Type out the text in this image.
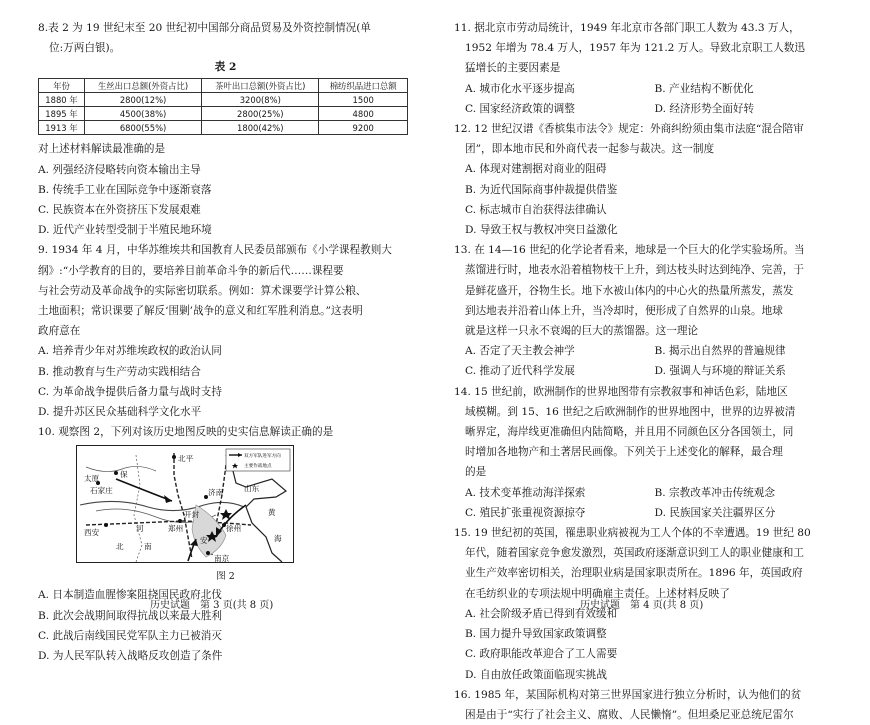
8.表 2 为 19 世纪末至 20 世纪初中国部分商品贸易及外资控制情况(单
位:万两白银)。
表 2
年份	生丝出口总额(外资占比)	茶叶出口总额(外资占比)	棉纺织品进口总额
1880 年	2800(12%)	3200(8%)	1500
1895 年	4500(38%)	2800(25%)	4800
1913 年	6800(55%)	1800(42%)	9200
对上述材料解读最准确的是
A. 列强经济侵略转向资本输出主导
B. 传统手工业在国际竞争中逐渐衰落
C. 民族资本在外资挤压下发展艰难
D. 近代产业转型受制于半殖民地环境
9. 1934 年 4 月，中华苏维埃共和国教育人民委员部颁布《小学课程教则大
纲》:“小学教育的目的，要培养目前革命斗争的新后代……课程要
与社会劳动及革命战争的实际密切联系。例如：算术课要学计算公粮、
土地面积；常识课要了解反‘围剿’战争的意义和红军胜利消息。”这表明
政府意在
A. 培养青少年对苏维埃政权的政治认同
B. 推动教育与生产劳动实践相结合
C. 为革命战争提供后备力量与战时支持
D. 提升苏区民众基础科学文化水平
10. 观察图 2，下列对该历史地图反映的史实信息解读正确的是
双方军队进军方向
主要作战地点
北平
保
石家庄
太原
济南
郑州
西安
开封
徐州
南京
黄
海
河
南
北
山东
安
图 2
A. 日本制造血腥惨案阻挠国民政府北伐
B. 此次会战期间取得抗战以来最大胜利
C. 此战后南线国民党军队主力已被消灭
D. 为人民军队转入战略反攻创造了条件
历史试题　第 3 页(共 8 页)
11. 据北京市劳动局统计，1949 年北京市各部门职工人数为 43.3 万人，
1952 年增为 78.4 万人，1957 年为 121.2 万人。导致北京职工人数迅
猛增长的主要因素是
A. 城市化水平逐步提高	B. 产业结构不断优化
C. 国家经济政策的调整	D. 经济形势全面好转
12. 12 世纪汉谱《香槟集市法令》规定：外商纠纷须由集市法庭“混合陪审
团”，即本地市民和外商代表一起参与裁决。这一制度
A. 体现对建割据对商业的阻碍
B. 为近代国际商事仲裁提供借鉴
C. 标志城市自治获得法律确认
D. 导致王权与教权冲突日益激化
13. 在 14—16 世纪的化学论者看来，地球是一个巨大的化学实验场所。当
蒸馏进行时，地表水沿着植物枝干上升，到达枝头时达到纯净、完善，于
是鲜花盛开，谷物生长。地下水被山体内的中心火的热量所蒸发，蒸发
到达地表并沿着山体上升，当冷却时，便形成了自然界的山泉。地球
就是这样一只永不衰竭的巨大的蒸馏器。这一理论
A. 否定了天主教会神学	B. 揭示出自然界的普遍规律
C. 推动了近代科学发展	D. 强调人与环境的辩证关系
14. 15 世纪前，欧洲制作的世界地图带有宗教叙事和神话色彩，陆地区
域模糊。到 15、16 世纪之后欧洲制作的世界地图中，世界的边界被清
晰界定，海岸线更准确但内陆简略，并且用不同颜色区分各国领土，同
时增加各地物产和土著居民画像。下列关于上述变化的解释，最合理
的是
A. 技术变革推动海洋探索	B. 宗教改革冲击传统观念
C. 殖民扩张重视资源掠夺	D. 民族国家关注疆界区分
15. 19 世纪初的英国，罹患职业病被视为工人个体的不幸遭遇。19 世纪 80
年代，随着国家竞争愈发激烈，英国政府逐渐意识到工人的职业健康和工
业生产效率密切相关，治理职业病是国家职责所在。1896 年，英国政府
在毛纺织业的专项法规中明确雇主责任。上述材料反映了
A. 社会阶级矛盾已得到有效缓和
B. 国力提升导致国家政策调整
C. 政府职能改革迎合了工人需要
D. 自由放任政策面临现实挑战
16. 1985 年，某国际机构对第三世界国家进行独立分析时，认为他们的贫
困是由于“实行了社会主义、腐败、人民懒惰”。但坦桑尼亚总统尼雷尔
历史试题　第 4 页(共 8 页)
